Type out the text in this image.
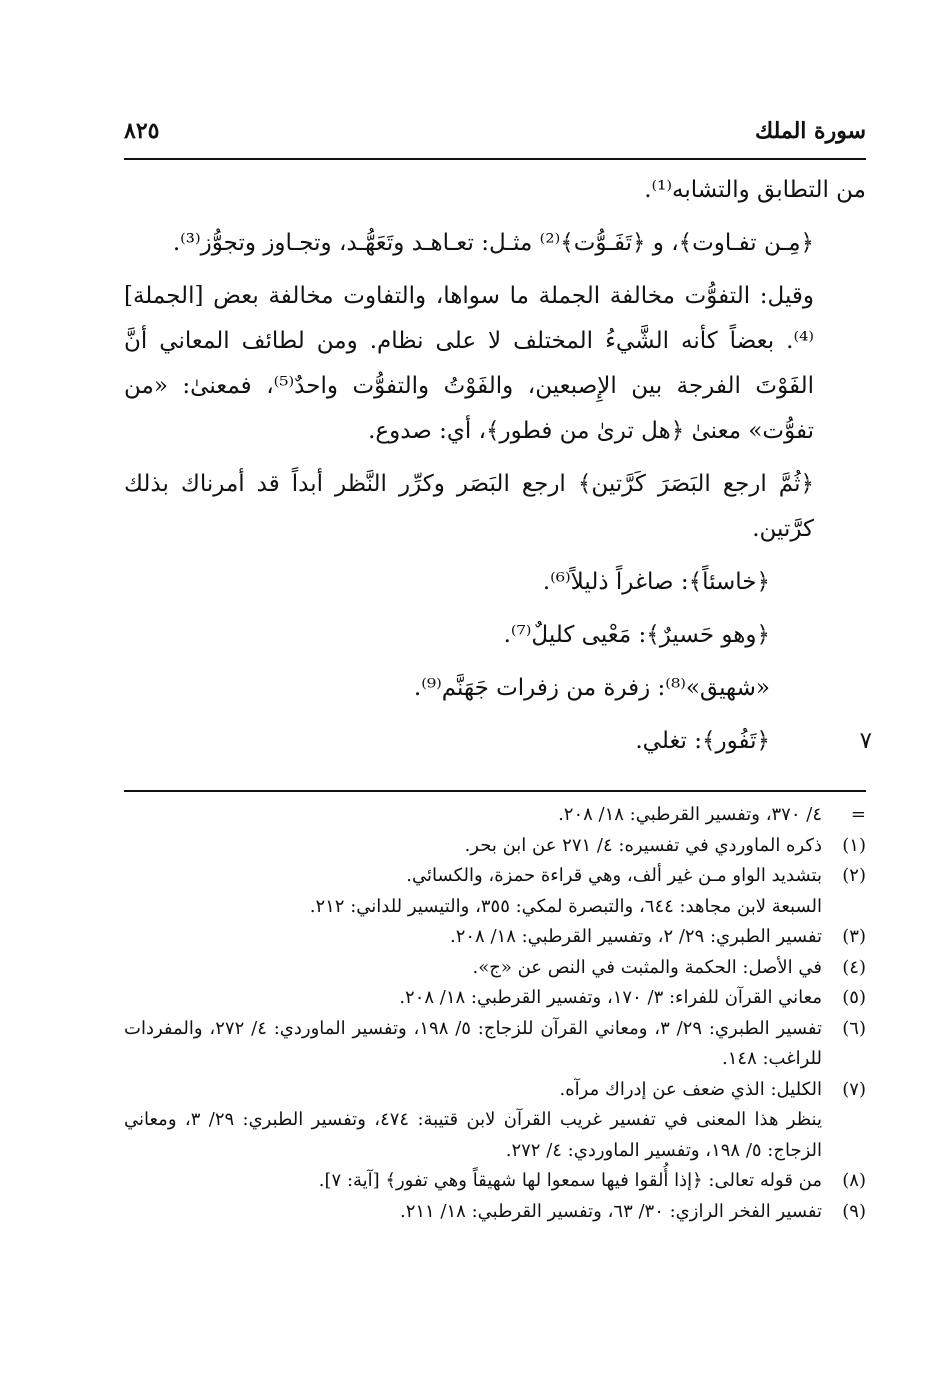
سورة الملك
٨٢٥

من التطابق والتشابه⁽¹⁾.

﴿مِـن تفـاوت﴾، و ﴿تَفَـوُّت﴾⁽²⁾ مثـل: تعـاهـد وتَعَهُّـد، وتجـاوز وتجوُّز⁽³⁾.

وقيل: التفوُّت مخالفة الجملة ما سواها، والتفاوت مخالفة بعض [الجملة]⁽⁴⁾. بعضاً كأنه الشَّيءُ المختلف لا على نظام. ومن لطائف المعاني أنَّ الفَوْتَ الفرجة بين الإِصبعين، والفَوْتُ والتفوُّت واحدٌ⁽⁵⁾، فمعنىٰ: «من تفوُّت» معنىٰ ﴿هل ترىٰ من فطور﴾، أي: صدوع.

﴿ثُمَّ ارجع البَصَرَ كَرَّتين﴾ ارجع البَصَر وكرِّر النَّظر أبداً قد أمرناك بذلك كرَّتين.

﴿خاسئاً﴾: صاغراً ذليلاً⁽⁶⁾.

﴿وهو حَسيرٌ﴾: مَعْيى كليلٌ⁽⁷⁾.

«شهيق»⁽⁸⁾: زفرة من زفرات جَهَنَّم⁽⁹⁾.

٧

﴿تَفُور﴾: تغلي.

=
٤/ ٣٧٠، وتفسير القرطبي: ١٨/ ٢٠٨.
(١)
ذكره الماوردي في تفسيره: ٤/ ٢٧١ عن ابن بحر.
(٢)
بتشديد الواو مـن غير ألف، وهي قراءة حمزة، والكسائي.
السبعة لابن مجاهد: ٦٤٤، والتبصرة لمكي: ٣٥٥، والتيسير للداني: ٢١٢.
(٣)
تفسير الطبري: ٢٩/ ٢، وتفسير القرطبي: ١٨/ ٢٠٨.
(٤)
في الأصل: الحكمة والمثبت في النص عن «ج».
(٥)
معاني القرآن للفراء: ٣/ ١٧٠، وتفسير القرطبي: ١٨/ ٢٠٨.
(٦)
تفسير الطبري: ٢٩/ ٣، ومعاني القرآن للزجاج: ٥/ ١٩٨، وتفسير الماوردي: ٤/ ٢٧٢، والمفردات للراغب: ١٤٨.
(٧)
الكليل: الذي ضعف عن إدراك مرآه.
ينظر هذا المعنى في تفسير غريب القرآن لابن قتيبة: ٤٧٤، وتفسير الطبري: ٢٩/ ٣، ومعاني الزجاج: ٥/ ١٩٨، وتفسير الماوردي: ٤/ ٢٧٢.
(٨)
من قوله تعالى: ﴿إذا أُلقوا فيها سمعوا لها شهيقاً وهي تفور﴾ [آية: ٧].
(٩)
تفسير الفخر الرازي: ٣٠/ ٦٣، وتفسير القرطبي: ١٨/ ٢١١.
